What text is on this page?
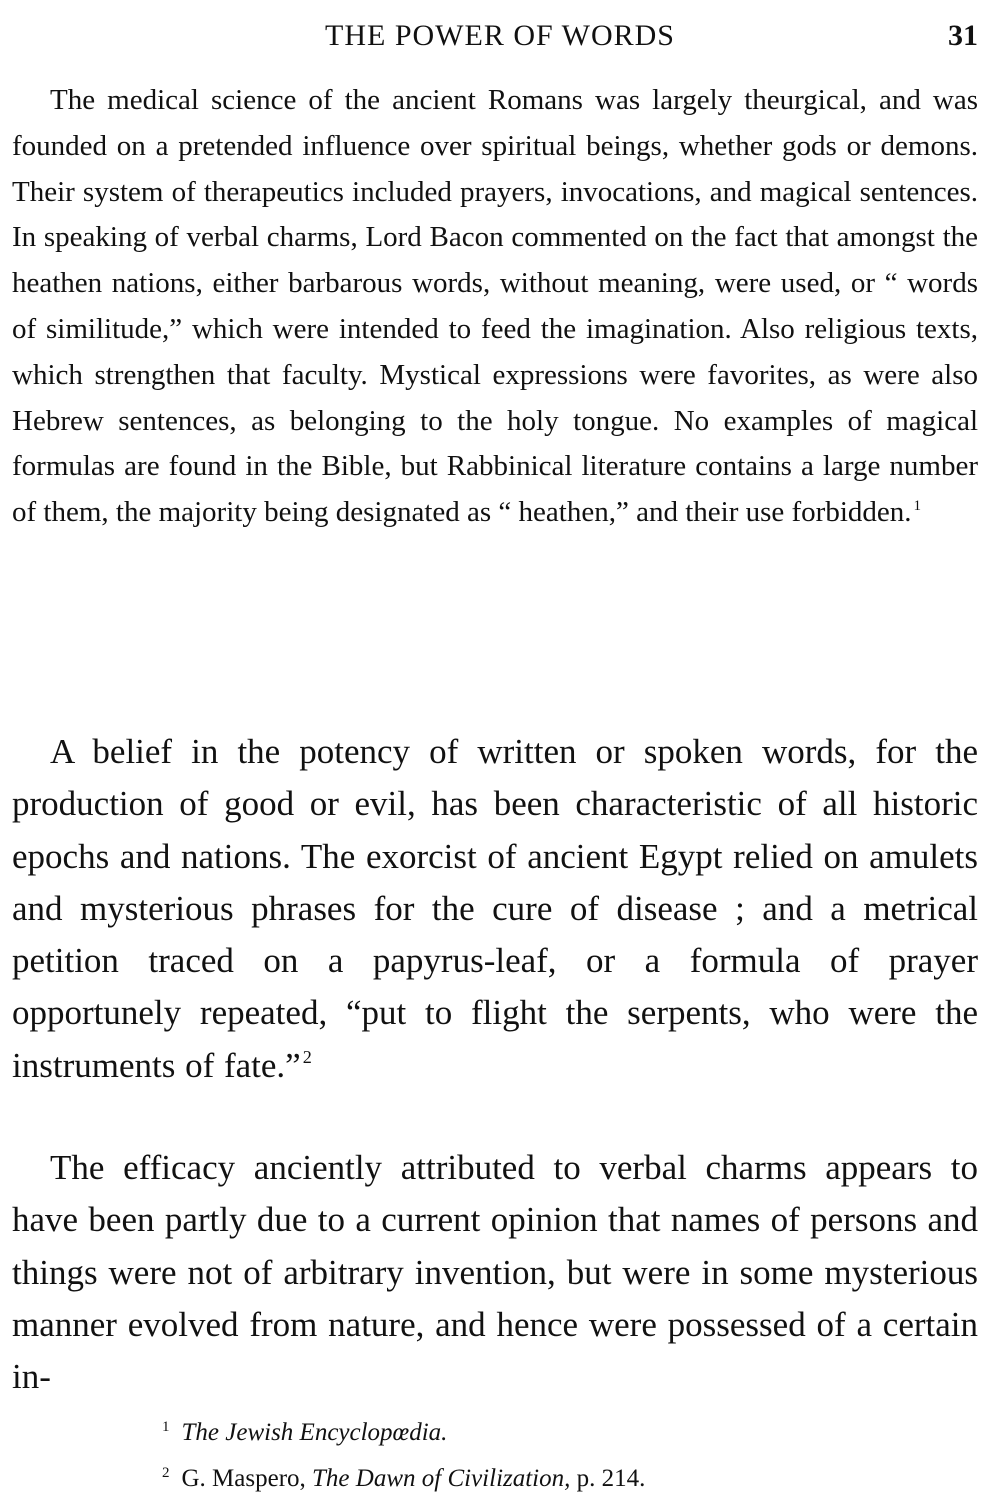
THE POWER OF WORDS	31

The medical science of the ancient Romans was largely theurgical, and was founded on a pretended influence over spiritual beings, whether gods or demons. Their system of therapeutics included prayers, invocations, and magical sentences. In speaking of verbal charms, Lord Bacon commented on the fact that amongst the heathen nations, either barbarous words, without meaning, were used, or “ words of similitude,” which were intended to feed the imagination. Also religious texts, which strengthen that faculty. Mystical expressions were favorites, as were also Hebrew sentences, as belonging to the holy tongue. No examples of magical formulas are found in the Bible, but Rabbinical literature contains a large number of them, the majority being designated as “ heathen,” and their use forbidden. $^1$

A belief in the potency of written or spoken words, for the production of good or evil, has been characteristic of all historic epochs and nations. The exorcist of ancient Egypt relied on amulets and mysterious phrases for the cure of disease ; and a metrical petition traced on a papyrus-leaf, or a formula of prayer opportunely repeated, “put to flight the serpents, who were the instruments of fate.” $^2$

The efficacy anciently attributed to verbal charms appears to have been partly due to a current opinion that names of persons and things were not of arbitrary invention, but were in some mysterious manner evolved from nature, and hence were possessed of a certain in-

$^1$ The Jewish Encyclopœdia.
$^2$ G. Maspero, The Dawn of Civilization, p. 214.
